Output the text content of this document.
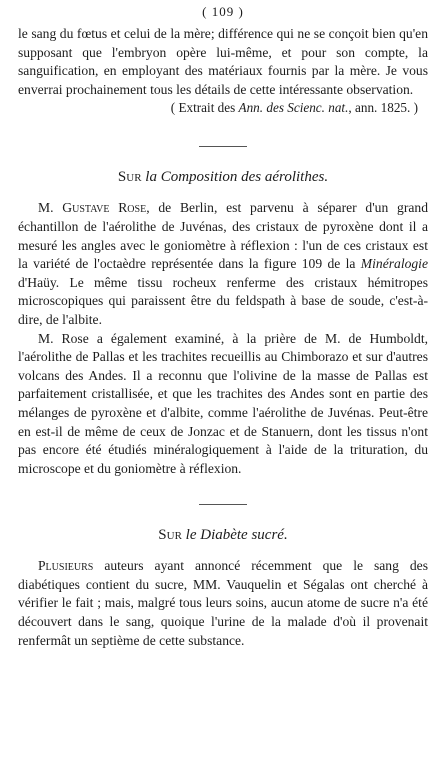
( 109 )

le sang du fœtus et celui de la mère; différence qui ne se conçoit bien qu'en supposant que l'embryon opère lui-même, et pour son compte, la sanguification, en employant des matériaux fournis par la mère. Je vous enverrai prochainement tous les détails de cette intéressante observation.

( Extrait des Ann. des Scienc. nat., ann. 1825. )
Sur la Composition des aérolithes.

M. Gustave Rose, de Berlin, est parvenu à séparer d'un grand échantillon de l'aérolithe de Juvénas, des cristaux de pyroxène dont il a mesuré les angles avec le goniomètre à réflexion : l'un de ces cristaux est la variété de l'octaèdre représentée dans la figure 109 de la Minéralogie d'Haüy. Le même tissu rocheux renferme des cristaux hémitropes microscopiques qui paraissent être du feldspath à base de soude, c'est-à-dire, de l'albite.

M. Rose a également examiné, à la prière de M. de Humboldt, l'aérolithe de Pallas et les trachites recueillis au Chimborazo et sur d'autres volcans des Andes. Il a reconnu que l'olivine de la masse de Pallas est parfaitement cristallisée, et que les trachites des Andes sont en partie des mélanges de pyroxène et d'albite, comme l'aérolithe de Juvénas. Peut-être en est-il de même de ceux de Jonzac et de Stanuern, dont les tissus n'ont pas encore été étudiés minéralogiquement à l'aide de la trituration, du microscope et du goniomètre à réflexion.

Sur le Diabète sucré.

Plusieurs auteurs ayant annoncé récemment que le sang des diabétiques contient du sucre, MM. Vauquelin et Ségalas ont cherché à vérifier le fait ; mais, malgré tous leurs soins, aucun atome de sucre n'a été découvert dans le sang, quoique l'urine de la malade d'où il provenait renfermât un septième de cette substance.
